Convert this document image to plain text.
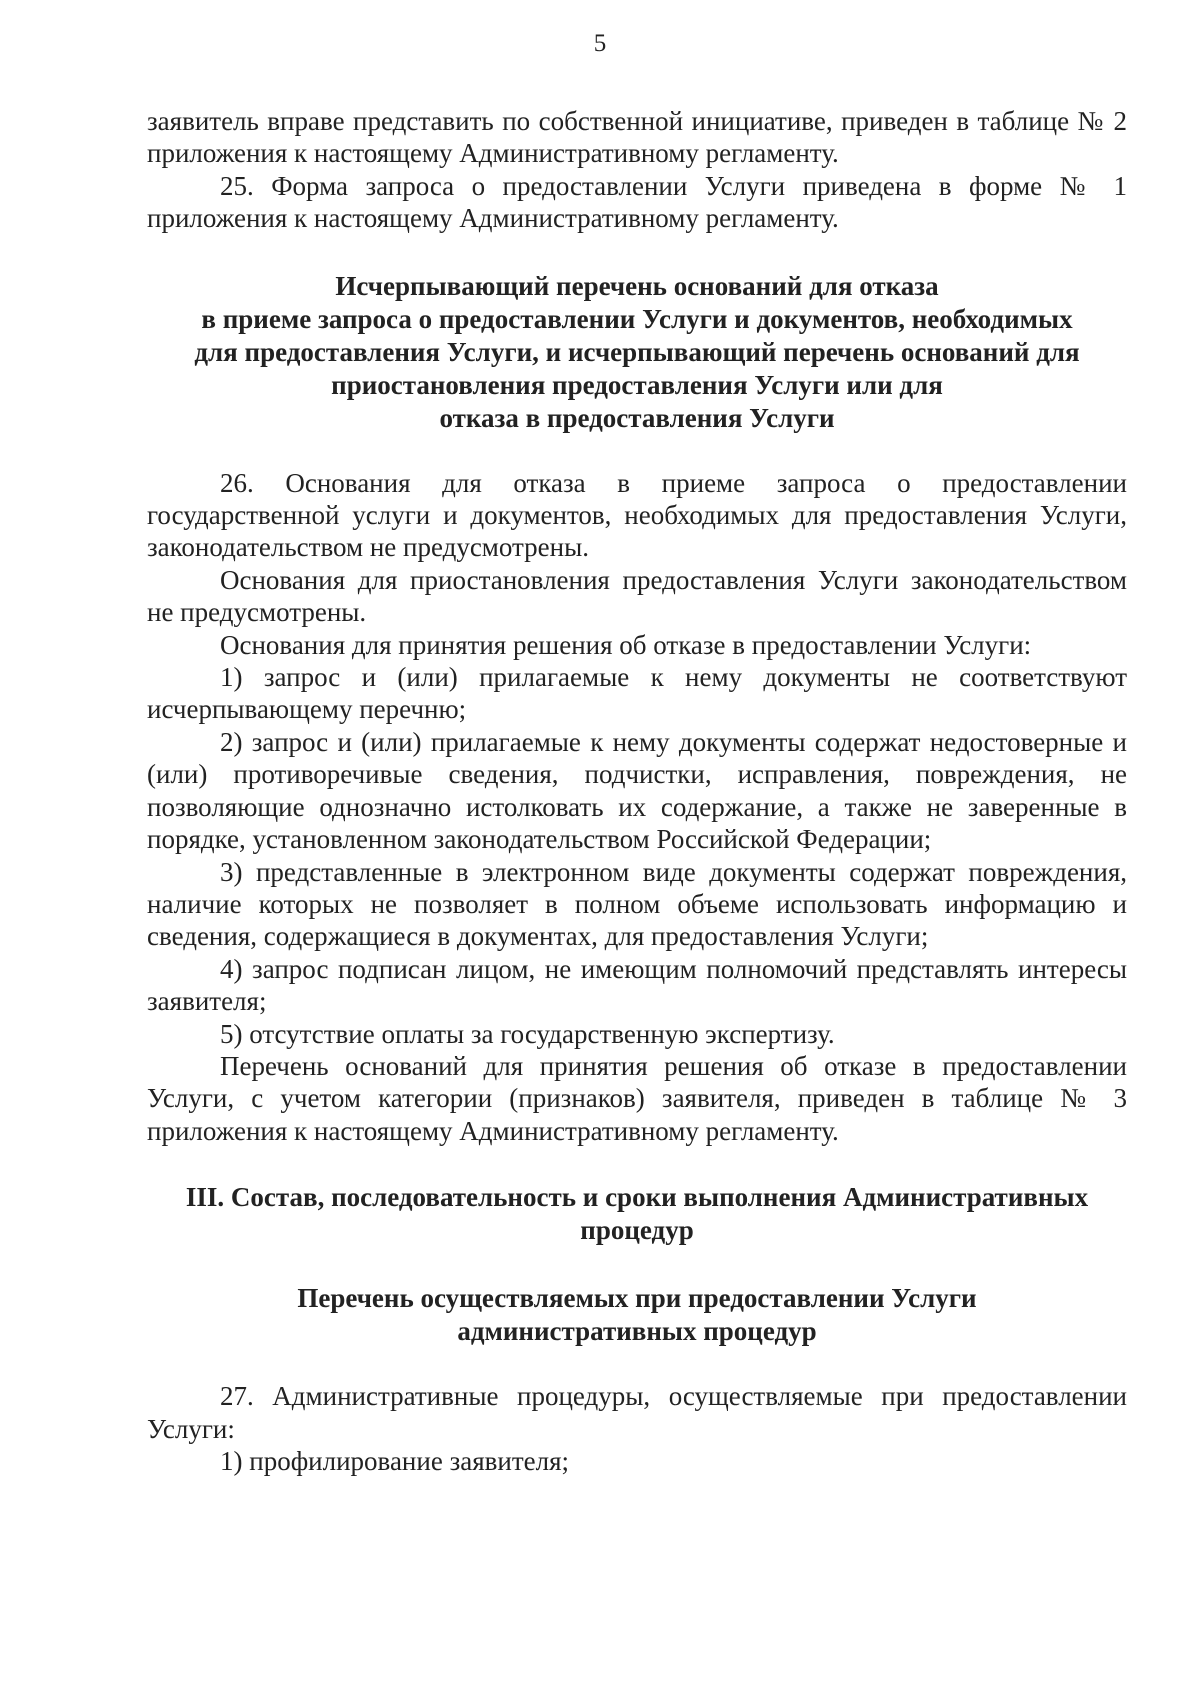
5

заявитель вправе представить по собственной инициативе, приведен в таблице № 2 приложения к настоящему Административному регламенту.

25. Форма запроса о предоставлении Услуги приведена в форме № 1 приложения к настоящему Административному регламенту.

Исчерпывающий перечень оснований для отказа
в приеме запроса о предоставлении Услуги и документов, необходимых
для предоставления Услуги, и исчерпывающий перечень оснований для
приостановления предоставления Услуги или для
отказа в предоставления Услуги

26. Основания для отказа в приеме запроса о предоставлении государственной услуги и документов, необходимых для предоставления Услуги, законодательством не предусмотрены.

Основания для приостановления предоставления Услуги законодательством не предусмотрены.

Основания для принятия решения об отказе в предоставлении Услуги:

1) запрос и (или) прилагаемые к нему документы не соответствуют исчерпывающему перечню;

2) запрос и (или) прилагаемые к нему документы содержат недостоверные и (или) противоречивые сведения, подчистки, исправления, повреждения, не позволяющие однозначно истолковать их содержание, а также не заверенные в порядке, установленном законодательством Российской Федерации;

3) представленные в электронном виде документы содержат повреждения, наличие которых не позволяет в полном объеме использовать информацию и сведения, содержащиеся в документах, для предоставления Услуги;

4) запрос подписан лицом, не имеющим полномочий представлять интересы заявителя;

5) отсутствие оплаты за государственную экспертизу.

Перечень оснований для принятия решения об отказе в предоставлении Услуги, с учетом категории (признаков) заявителя, приведен в таблице № 3 приложения к настоящему Административному регламенту.

III. Состав, последовательность и сроки выполнения Административных
процедур
Перечень осуществляемых при предоставлении Услуги
административных процедур

27. Административные процедуры, осуществляемые при предоставлении Услуги:

1) профилирование заявителя;
